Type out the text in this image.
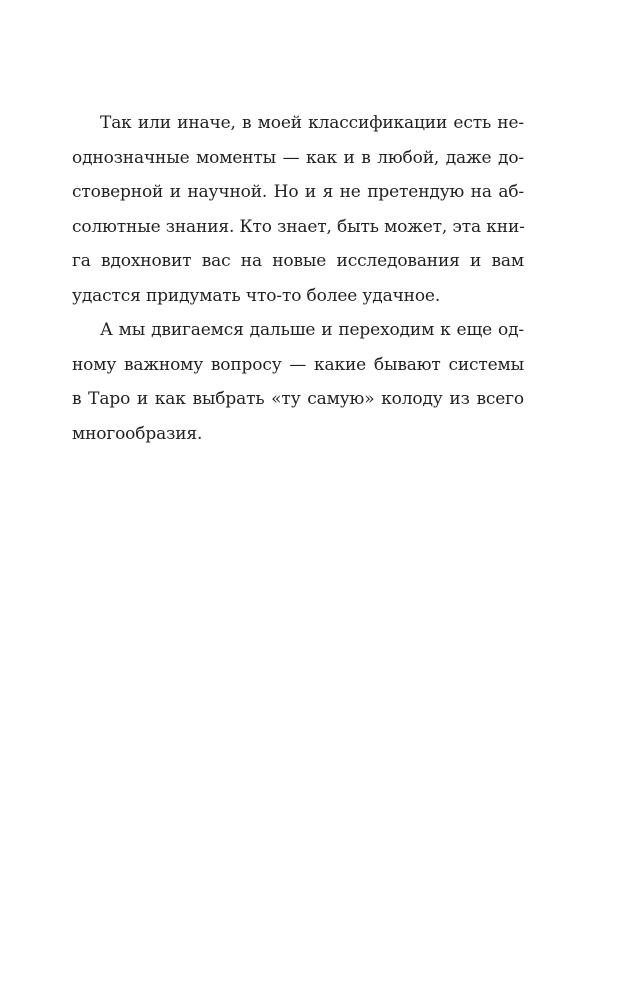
Так или иначе, в моей классификации есть не-
однозначные моменты — как и в любой, даже до-
стоверной и научной. Но и я не претендую на аб-
солютные знания. Кто знает, быть может, эта кни-
га вдохновит вас на новые исследования и вам
удастся придумать что-то более удачное.

А мы двигаемся дальше и переходим к еще од-
ному важному вопросу — какие бывают системы
в Таро и как выбрать «ту самую» колоду из всего
многообразия.
